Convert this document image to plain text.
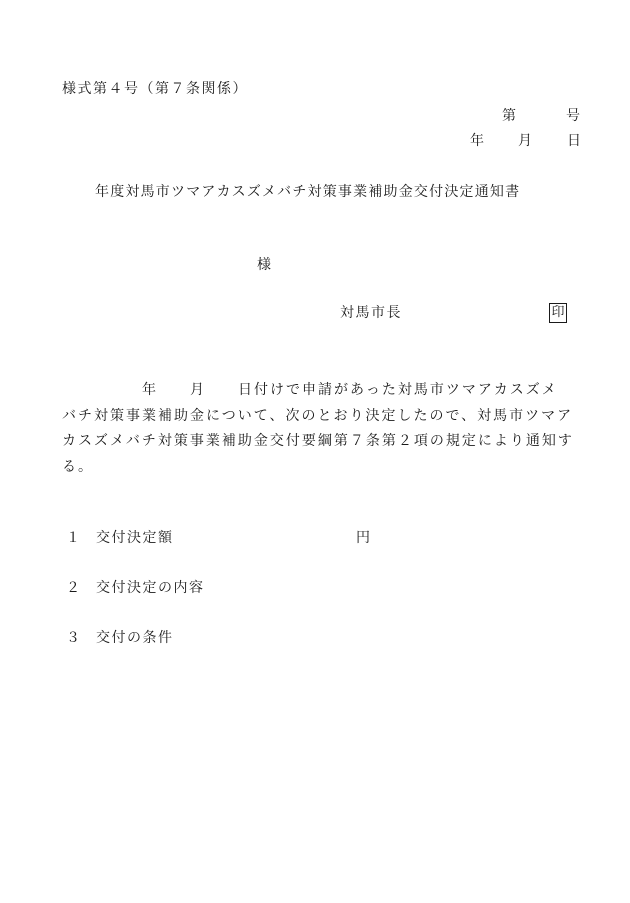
様式第４号（第７条関係）
第	号
年 月 日
年度対馬市ツマアカスズメバチ対策事業補助金交付決定通知書
様
対馬市長	印
　　　　　年　　月　　日付けで申請があった対馬市ツマアカスズメ
バチ対策事業補助金について、次のとおり決定したので、対馬市ツマア
カスズメバチ対策事業補助金交付要綱第７条第２項の規定により通知す
る。
１ 交付決定額	円
２ 交付決定の内容
３ 交付の条件
